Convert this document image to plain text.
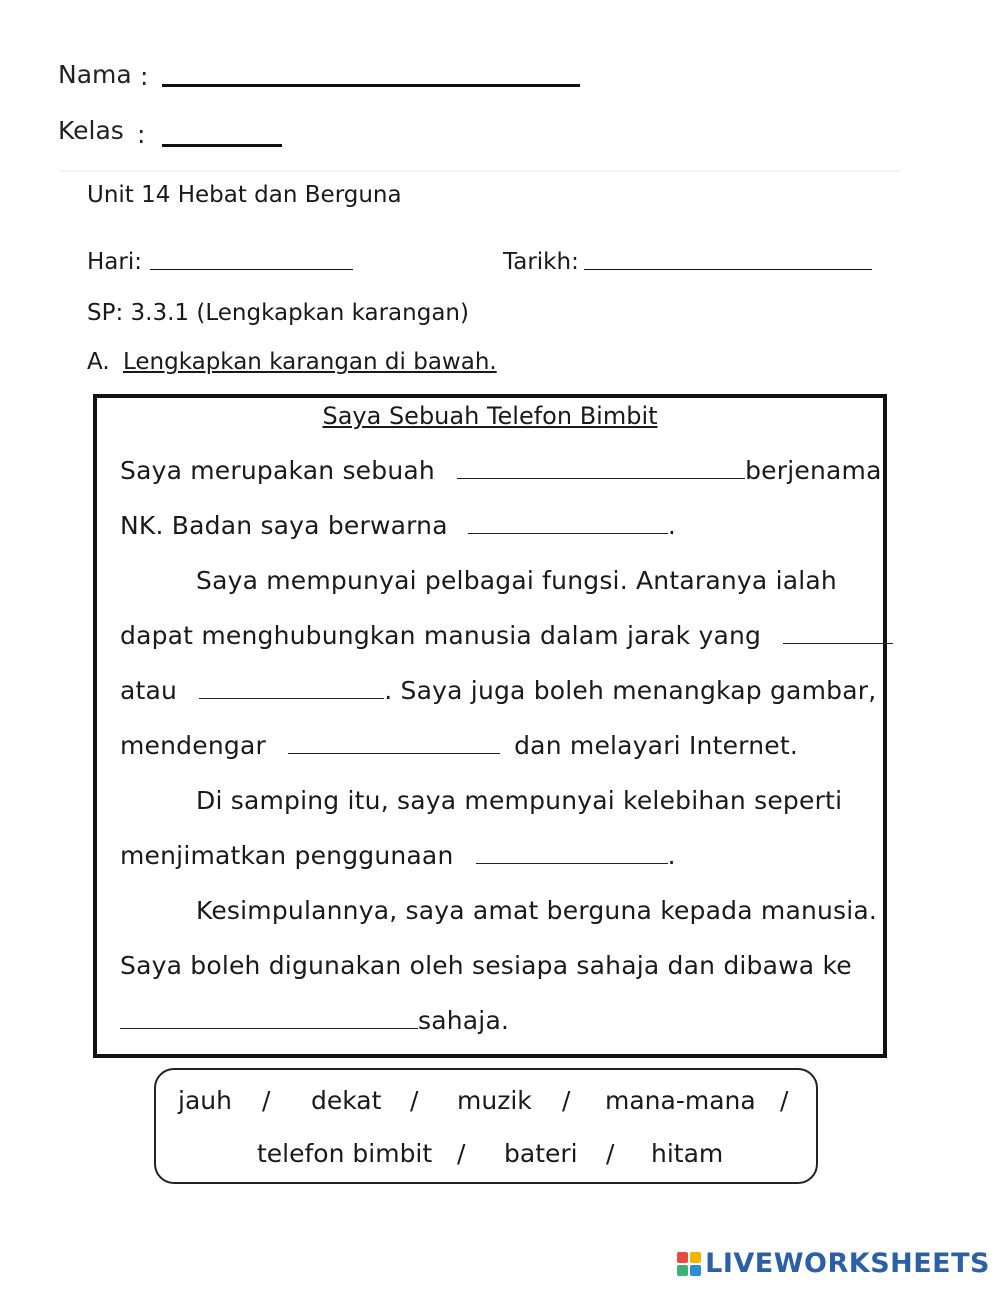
Nama :
Kelas :
Unit 14 Hebat dan Berguna
Hari:	Tarikh:
SP: 3.3.1 (Lengkapkan karangan)
A. Lengkapkan karangan di bawah.
Saya Sebuah Telefon Bimbit
Saya merupakan sebuah	berjenama
NK. Badan saya berwarna	.
Saya mempunyai pelbagai fungsi. Antaranya ialah
dapat menghubungkan manusia dalam jarak yang
atau	. Saya juga boleh menangkap gambar,
mendengar	dan melayari Internet.
Di samping itu, saya mempunyai kelebihan seperti
menjimatkan penggunaan	.
Kesimpulannya, saya amat berguna kepada manusia.
Saya boleh digunakan oleh sesiapa sahaja dan dibawa ke
sahaja.
jauh / dekat / muzik / mana-mana /
telefon bimbit / bateri / hitam
LIVEWORKSHEETS
